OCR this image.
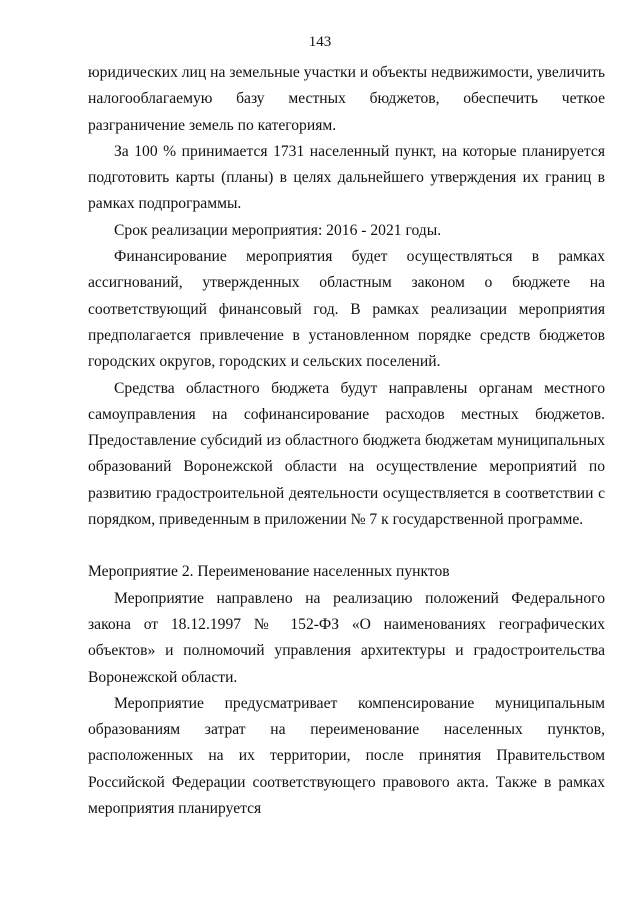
143

юридических лиц на земельные участки и объекты недвижимости, увеличить налогооблагаемую базу местных бюджетов, обеспечить четкое разграничение земель по категориям.

За 100 % принимается 1731 населенный пункт, на которые планируется подготовить карты (планы) в целях дальнейшего утверждения их границ в рамках подпрограммы.

Срок реализации мероприятия: 2016 - 2021 годы.

Финансирование мероприятия будет осуществляться в рамках ассигнований, утвержденных областным законом о бюджете на соответствующий финансовый год. В рамках реализации мероприятия предполагается привлечение в установленном порядке средств бюджетов городских округов, городских и сельских поселений.

Средства областного бюджета будут направлены органам местного самоуправления на софинансирование расходов местных бюджетов. Предоставление субсидий из областного бюджета бюджетам муниципальных образований Воронежской области на осуществление мероприятий по развитию градостроительной деятельности осуществляется в соответствии с порядком, приведенным в приложении № 7 к государственной программе.

Мероприятие 2. Переименование населенных пунктов

Мероприятие направлено на реализацию положений Федерального закона от 18.12.1997 № 152-ФЗ «О наименованиях географических объектов» и полномочий управления архитектуры и градостроительства Воронежской области.

Мероприятие предусматривает компенсирование муниципальным образованиям затрат на переименование населенных пунктов, расположенных на их территории, после принятия Правительством Российской Федерации соответствующего правового акта. Также в рамках мероприятия планируется
